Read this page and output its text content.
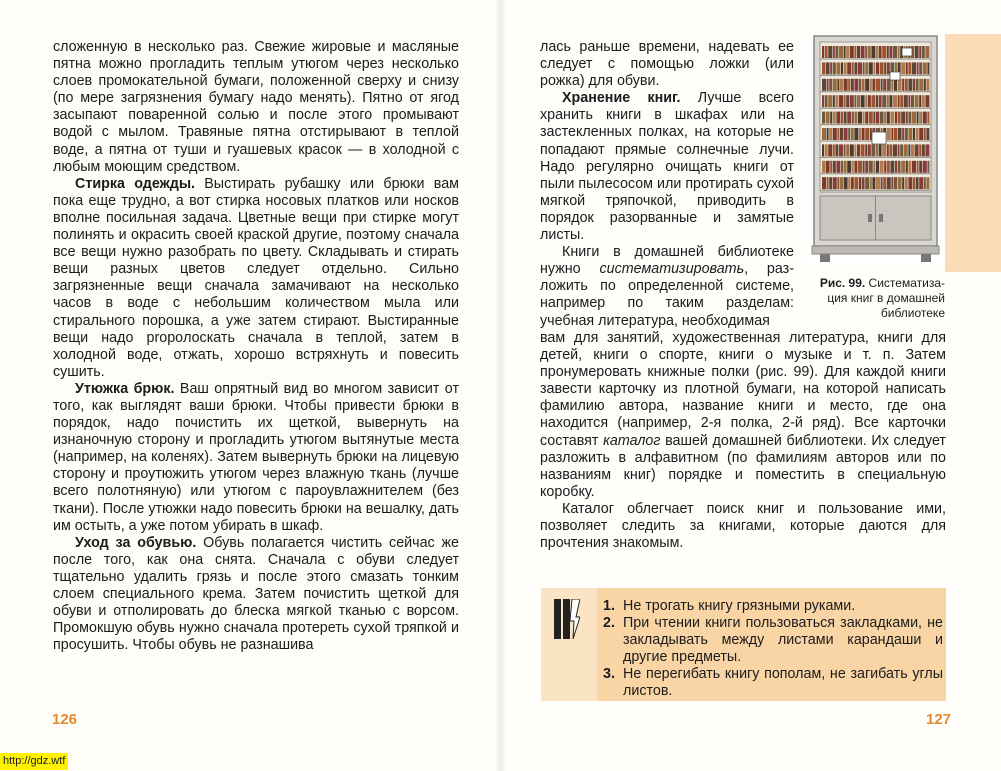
сложенную в несколько раз. Свежие жировые и масляные пятна можно прогладить теплым утюгом через несколько слоев промокательной бумаги, положенной сверху и снизу (по мере загрязнения бумагу надо менять). Пятно от ягод засыпают поваренной солью и после этого промывают водой с мылом. Травяные пятна отстирывают в теплой воде, а пятна от туши и гуашевых красок — в холодной с любым моющим средством.

Стирка одежды. Выстирать рубашку или брюки вам пока еще трудно, а вот стирка носовых платков или носков вполне посильная задача. Цветные вещи при стирке могут полинять и окрасить своей краской другие, поэтому сначала все вещи нужно разобрать по цвету. Складывать и стирать вещи разных цветов следует отдельно. Сильно загрязненные вещи сначала замачивают на несколько часов в воде с небольшим количеством мыла или стирального порошка, а уже затем стирают. Выстиранные вещи надо propoлоскать сначала в теплой, затем в холодной воде, отжать, хорошо встряхнуть и повесить сушить.

Утюжка брюк. Ваш опрятный вид во многом зависит от того, как выглядят ваши брюки. Чтобы привести брюки в порядок, надо почистить их щеткой, вывернуть на изнаночную сторону и прогладить утюгом вытянутые места (например, на коленях). Затем вывернуть брюки на лицевую сторону и проутюжить утюгом через влажную ткань (лучше всего полотняную) или утюгом с пароувлажнителем (без ткани). После утюжки надо повесить брюки на вешалку, дать им остыть, а уже потом убирать в шкаф.

Уход за обувью. Обувь полагается чистить сейчас же после того, как она снята. Сначала с обуви следует тщательно удалить грязь и после этого смазать тонким слоем специального крема. Затем почистить щеткой для обуви и отполировать до блеска мягкой тканью с ворсом. Промокшую обувь нужно сначала протереть сухой тряпкой и просушить. Чтобы обувь не разнашива

лась раньше времени, надевать ее следует с помощью ложки (или рожка) для обуви.

Хранение книг. Лучше всего хранить книги в шкафах или на застекленных полках, на которые не попадают прямые солнечные лучи. Надо регулярно очищать книги от пыли пылесосом или протирать сухой мягкой тряпочкой, приводить в порядок разорванные и замятые листы.

Книги в домашней библиотеке нужно систематизировать, разложить по определенной системе, например по таким разделам: учебная литература, необходимая

вам для занятий, художественная литература, книги для детей, книги о спорте, книги о музыке и т. п. Затем пронумеровать книжные полки (рис. 99). Для каждой книги завести карточку из плотной бумаги, на которой написать фамилию автора, название книги и место, где она находится (например, 2-я полка, 2-й ряд). Все карточки составят каталог вашей домашней библиотеки. Их следует разложить в алфавитном (по фамилиям авторов или по названиям книг) порядке и поместить в специальную коробку.

Каталог облегчает поиск книг и пользование ими, позволяет следить за книгами, которые даются для прочтения знакомым.

Рис. 99. Систематизация книг в домашней библиотеке
1. Не трогать книгу грязными руками.
2. При чтении книги пользоваться закладками, не закладывать между листами карандаши и другие предметы.
3. Не перегибать книгу пополам, не загибать углы листов.
126	127
http://gdz.wtf
